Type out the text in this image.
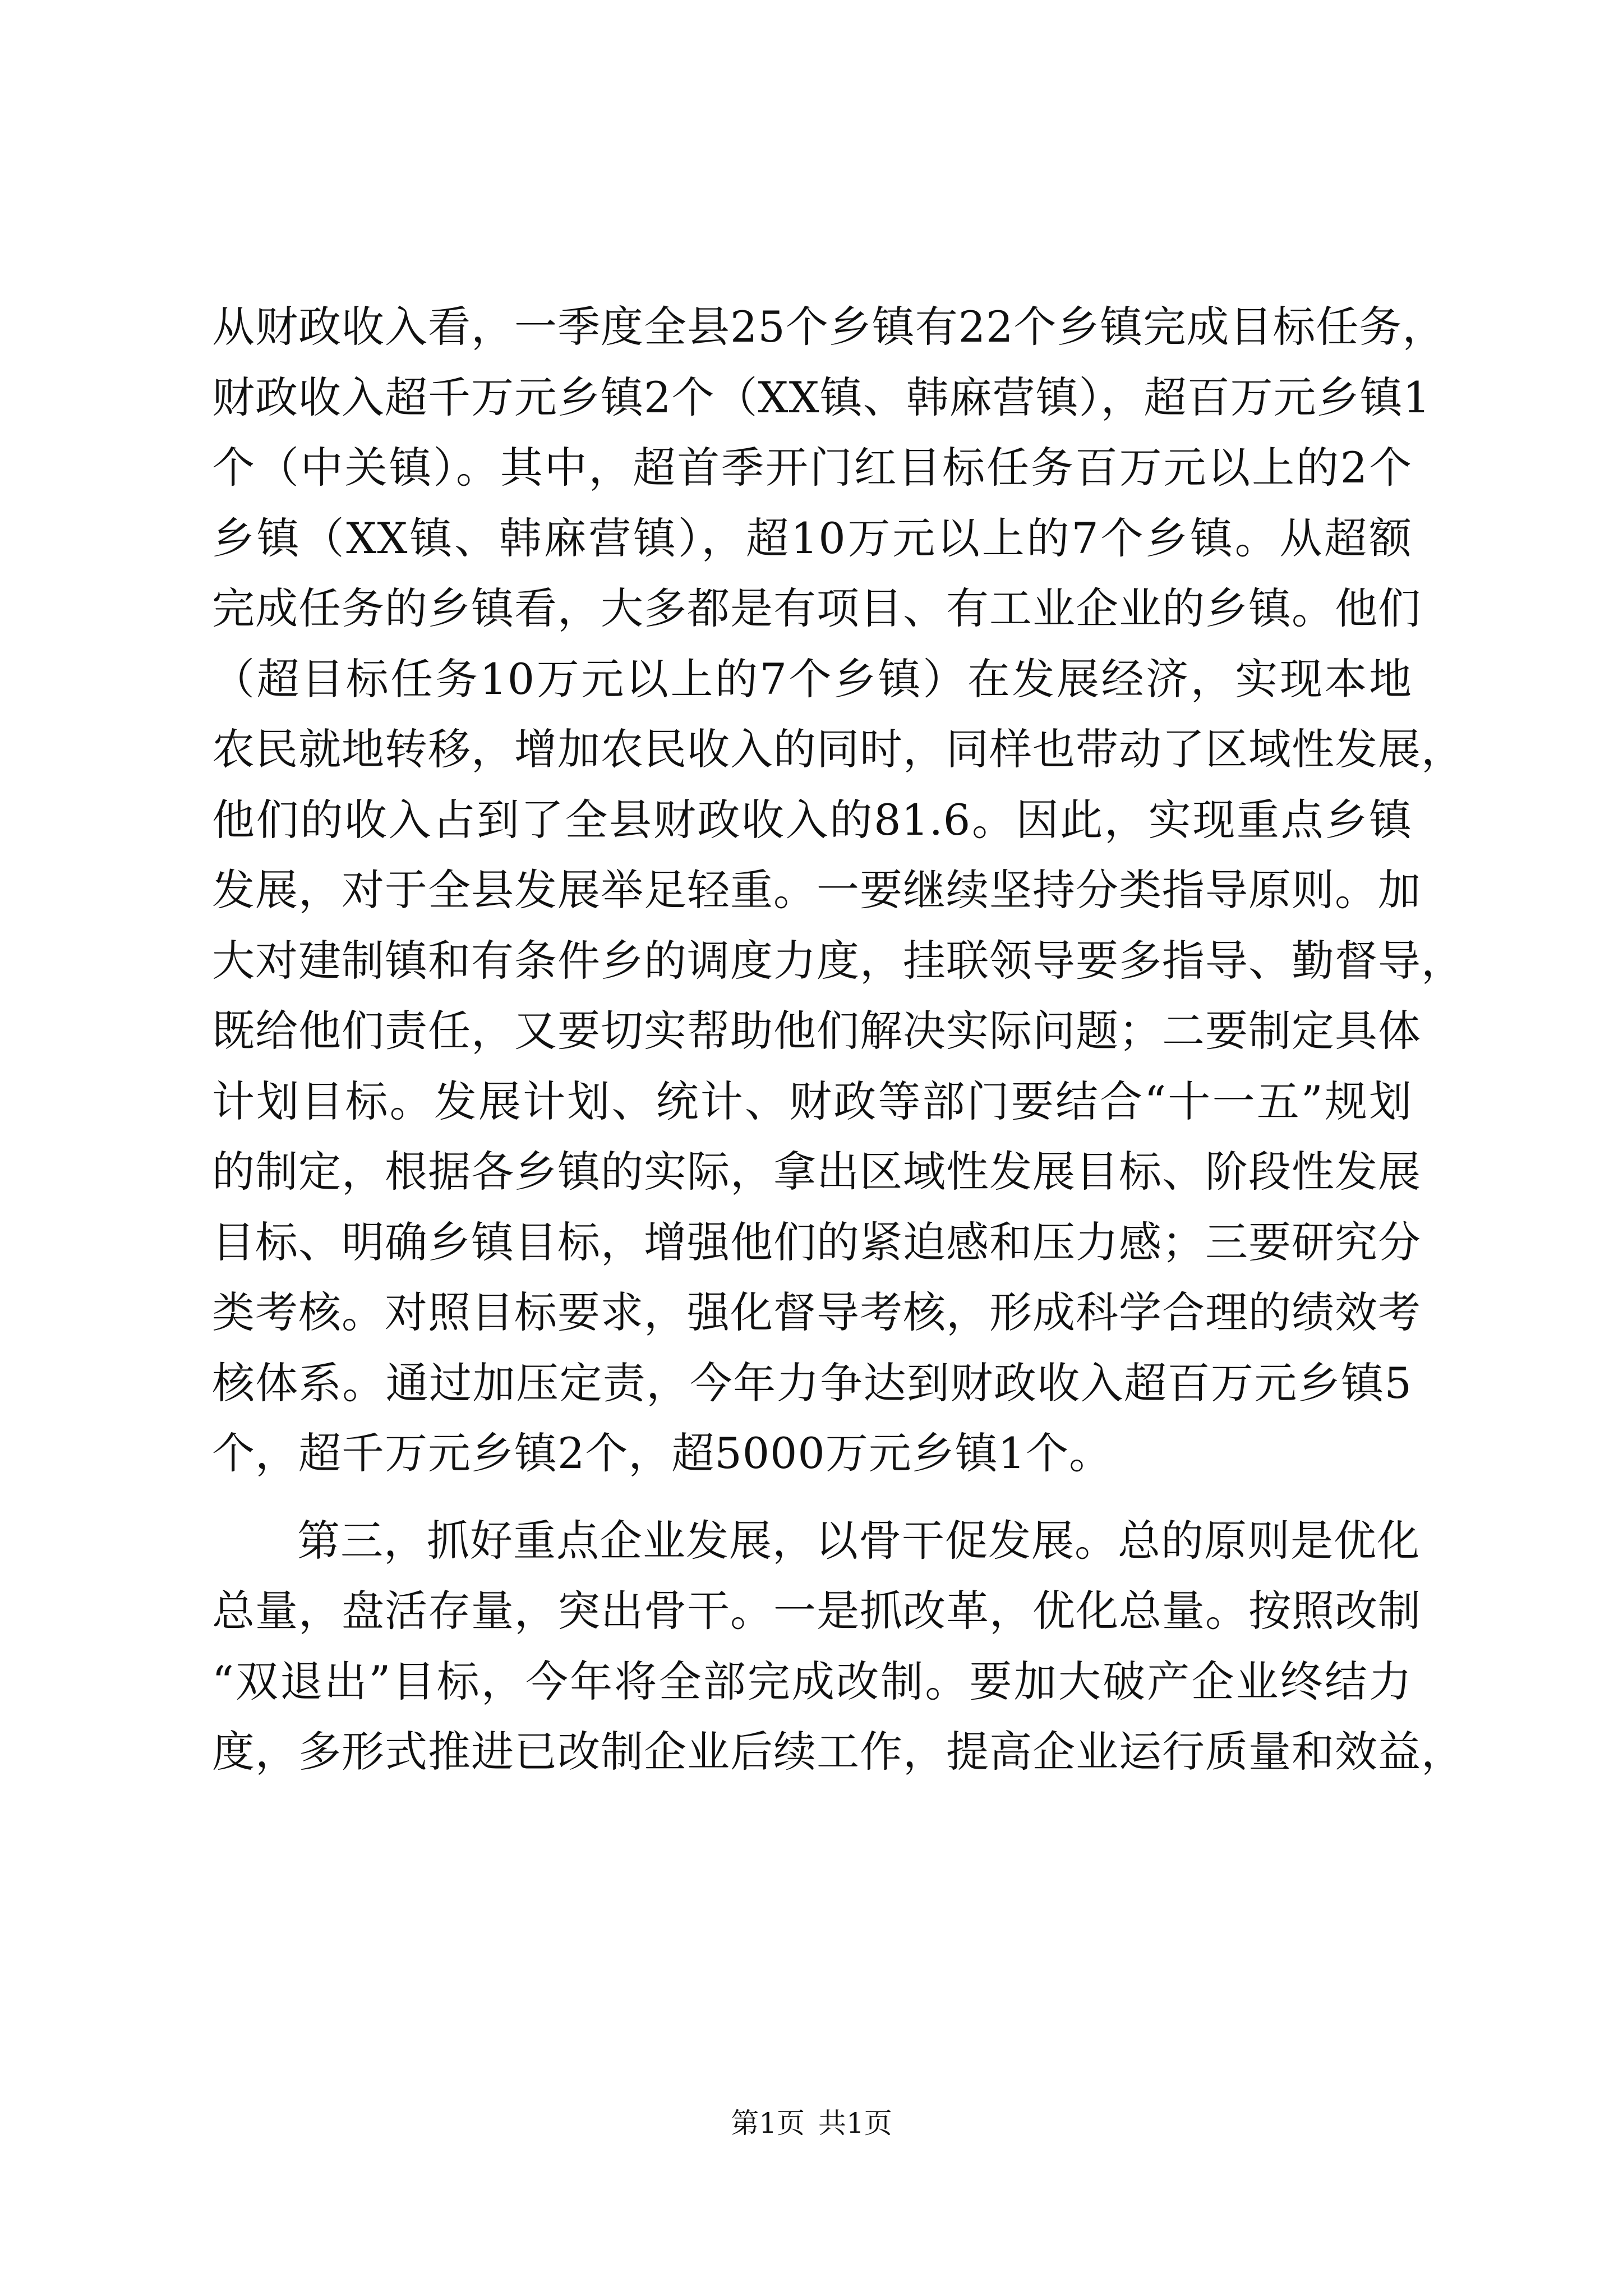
从财政收入看，一季度全县25个乡镇有22个乡镇完成目标任务，
财政收入超千万元乡镇2个（XX镇、韩麻营镇），超百万元乡镇1
个（中关镇）。其中，超首季开门红目标任务百万元以上的2个
乡镇（XX镇、韩麻营镇），超10万元以上的7个乡镇。从超额
完成任务的乡镇看，大多都是有项目、有工业企业的乡镇。他们
（超目标任务10万元以上的7个乡镇）在发展经济，实现本地
农民就地转移，增加农民收入的同时，同样也带动了区域性发展，
他们的收入占到了全县财政收入的81.6。因此，实现重点乡镇
发展，对于全县发展举足轻重。一要继续坚持分类指导原则。加
大对建制镇和有条件乡的调度力度，挂联领导要多指导、勤督导，
既给他们责任，又要切实帮助他们解决实际问题；二要制定具体
计划目标。发展计划、统计、财政等部门要结合“十一五”规划
的制定，根据各乡镇的实际，拿出区域性发展目标、阶段性发展
目标、明确乡镇目标，增强他们的紧迫感和压力感；三要研究分
类考核。对照目标要求，强化督导考核，形成科学合理的绩效考
核体系。通过加压定责，今年力争达到财政收入超百万元乡镇5
个，超千万元乡镇2个，超5000万元乡镇1个。
第三，抓好重点企业发展，以骨干促发展。总的原则是优化
总量，盘活存量，突出骨干。一是抓改革，优化总量。按照改制
“双退出”目标，今年将全部完成改制。要加大破产企业终结力
度，多形式推进已改制企业后续工作，提高企业运行质量和效益，
第1页 共1页
